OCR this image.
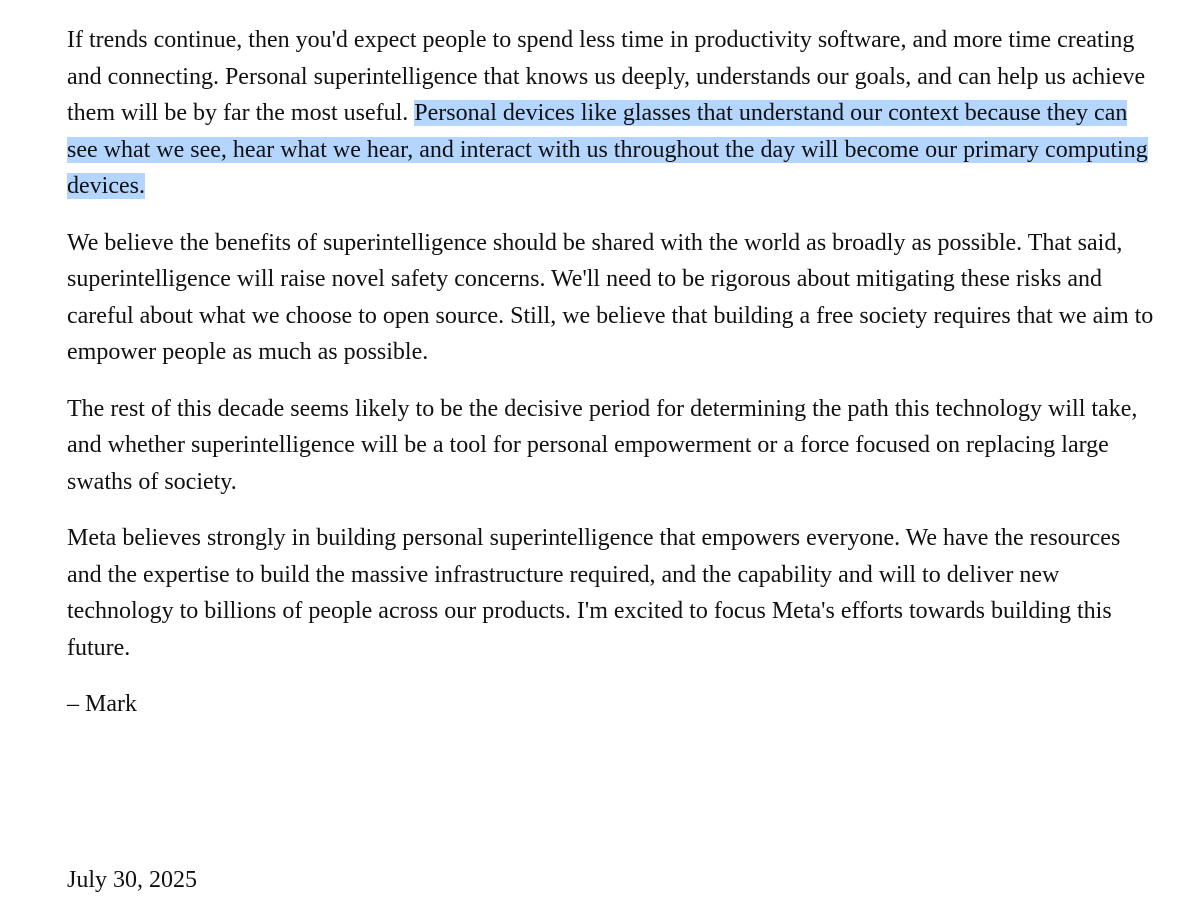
If trends continue, then you'd expect people to spend less time in productivity software, and more time creating and connecting. Personal superintelligence that knows us deeply, understands our goals, and can help us achieve them will be by far the most useful. Personal devices like glasses that understand our context because they can see what we see, hear what we hear, and interact with us throughout the day will become our primary computing devices.

We believe the benefits of superintelligence should be shared with the world as broadly as possible. That said, superintelligence will raise novel safety concerns. We'll need to be rigorous about mitigating these risks and careful about what we choose to open source. Still, we believe that building a free society requires that we aim to empower people as much as possible.

The rest of this decade seems likely to be the decisive period for determining the path this technology will take, and whether superintelligence will be a tool for personal empowerment or a force focused on replacing large swaths of society.

Meta believes strongly in building personal superintelligence that empowers everyone. We have the resources and the expertise to build the massive infrastructure required, and the capability and will to deliver new technology to billions of people across our products. I'm excited to focus Meta's efforts towards building this future.

– Mark

July 30, 2025
